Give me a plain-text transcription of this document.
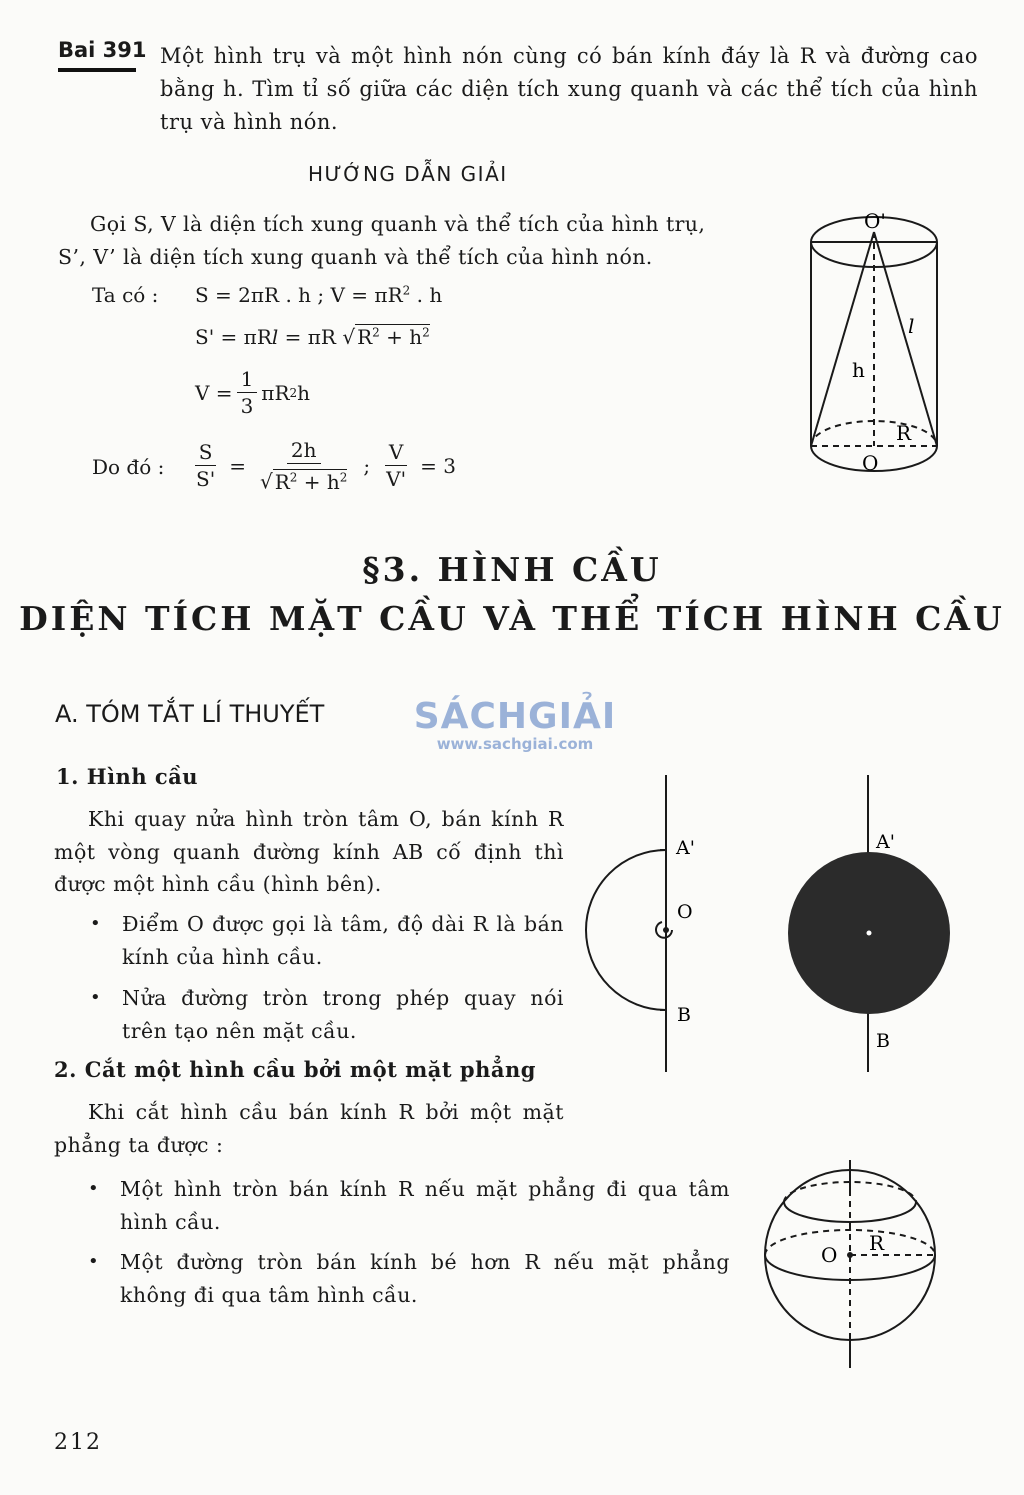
Bai 391 Một hình trụ và một hình nón cùng có bán kính đáy là R và đường cao bằng h. Tìm tỉ số giữa các diện tích xung quanh và các thể tích của hình trụ và hình nón.
HƯỚNG DẪN GIẢI
Gọi S, V là diện tích xung quanh và thể tích của hình trụ,
S’, V’ là diện tích xung quanh và thể tích của hình nón.
Ta có : S = 2πR . h ; $V = \pi R^2$ . h
S' = πRl = πR √ $R^2 + h^2$
$V = \frac{1}{3}$ πR 2 h
Do đó : $\frac{S}{S'} = \frac{2h}{√ R^2 + h^2}$ ; $\frac{V}{V'} = 3$
O'
O
h
l
R
§3. HÌNH CẦU
DIỆN TÍCH MẶT CẦU VÀ THỂ TÍCH HÌNH CẦU
A. TÓM TẮT LÍ THUYẾT SÁCHGIẢI
www.sachgiai.com
1. Hình cầu
Khi quay nửa hình tròn tâm O, bán kính R một vòng quanh đường kính AB cố định thì được một hình cầu (hình bên).
• Điểm O được gọi là tâm, độ dài R là bán kính của hình cầu.
• Nửa đường tròn trong phép quay nói trên tạo nên mặt cầu.
A'
O
B
A'
B
2. Cắt một hình cầu bởi một mặt phẳng
Khi cắt hình cầu bán kính R bởi một mặt phẳng ta được :
• Một hình tròn bán kính R nếu mặt phẳng đi qua tâm hình cầu.
• Một đường tròn bán kính bé hơn R nếu mặt phẳng không đi qua tâm hình cầu.
O R
212
